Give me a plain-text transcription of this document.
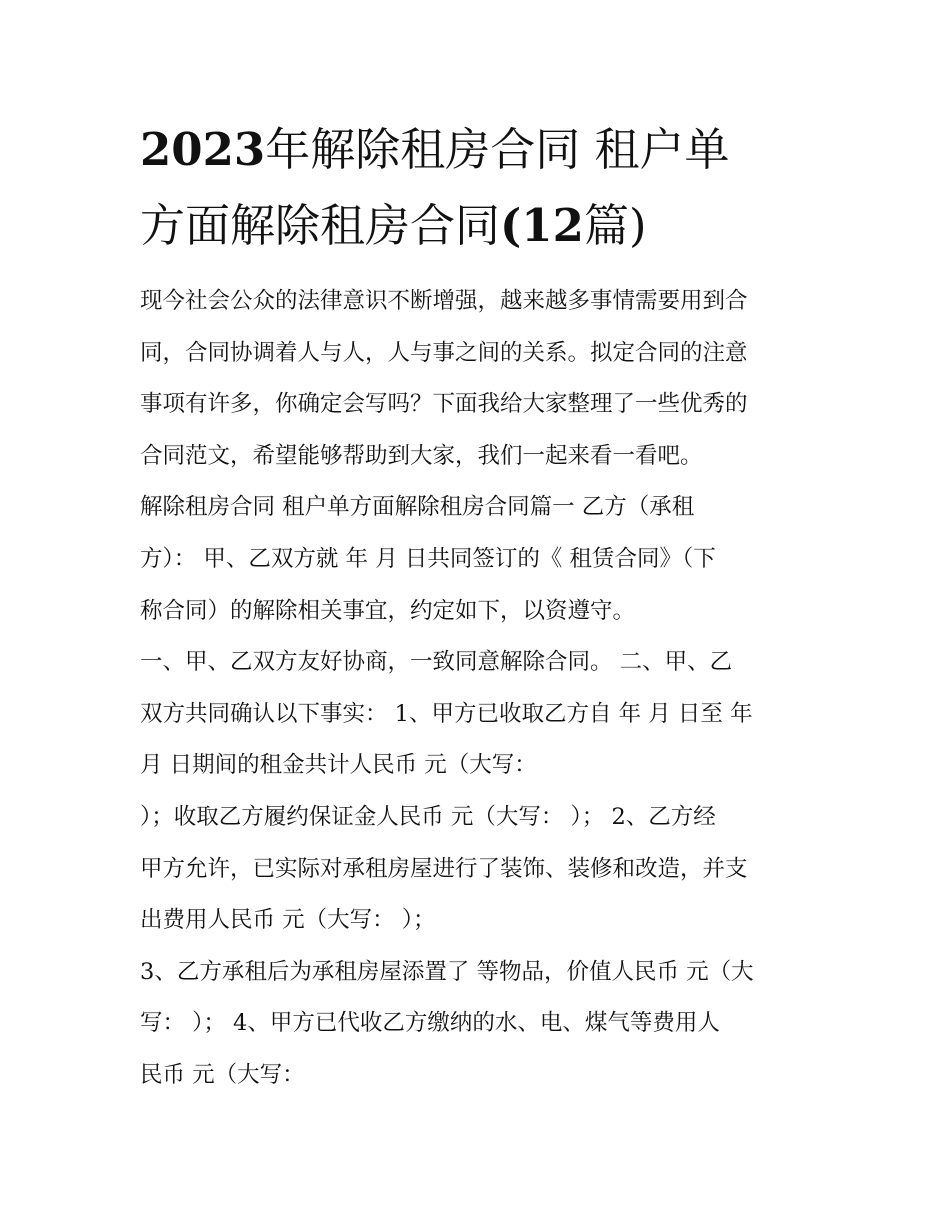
2023年解除租房合同 租户单
方面解除租房合同(12篇)
现今社会公众的法律意识不断增强，越来越多事情需要用到合
同，合同协调着人与人，人与事之间的关系。拟定合同的注意
事项有许多，你确定会写吗？下面我给大家整理了一些优秀的
合同范文，希望能够帮助到大家，我们一起来看一看吧。
解除租房合同 租户单方面解除租房合同篇一 乙方（承租
方）： 甲、乙双方就 年 月 日共同签订的《 租赁合同》（下
称合同）的解除相关事宜，约定如下，以资遵守。
一、甲、乙双方友好协商，一致同意解除合同。 二、甲、乙
双方共同确认以下事实： 1、甲方已收取乙方自 年 月 日至 年
月 日期间的租金共计人民币 元（大写：
）；收取乙方履约保证金人民币 元（大写： ）； 2、乙方经
甲方允许，已实际对承租房屋进行了装饰、装修和改造，并支
出费用人民币 元（大写： ）；
3、乙方承租后为承租房屋添置了 等物品，价值人民币 元（大
写： ）； 4、甲方已代收乙方缴纳的水、电、煤气等费用人
民币 元（大写：
